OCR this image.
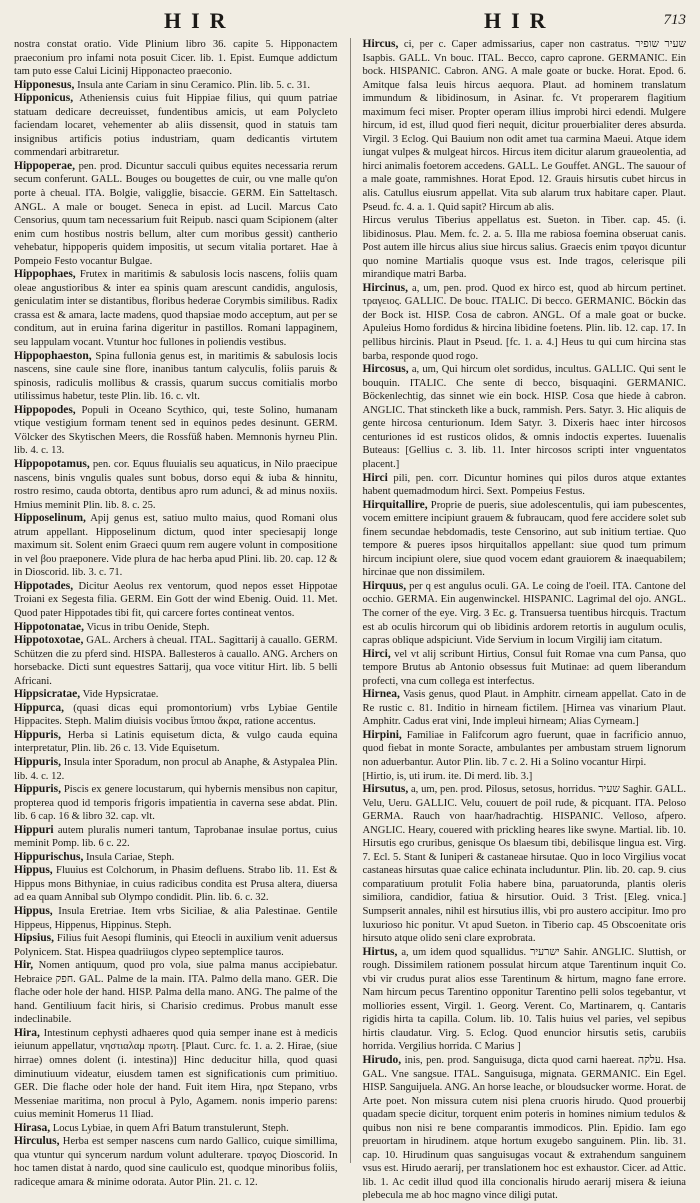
HIR	HIR	713

nostra constat oratio. Vide Plinium libro 36. capite 5. Hipponactem praeconium pro infami nota posuit Cicer. lib. 1. Epist. Eumque addictum tam puto esse Calui Licinij Hipponacteo praeconio.

Hipponesus, Insula ante Cariam in sinu Ceramico. Plin. lib. 5. c. 31.

Hipponicus, Atheniensis cuius fuit Hippiae filius, qui quum patriae statuam dedicare decreuisset, fundentibus amicis, ut eam Polycleto faciendam locaret, vehementer ab aliis dissensit, quod in statuis tam insignibus artificis potius industriam, quam dedicantis virtutem commendari arbitraretur.

Hippoperae, pen. prod. Dicuntur sacculi quibus equites necessaria rerum secum conferunt. GALL. Bouges ou bougettes de cuir, ou vne malle qu'on porte à cheual. ITA. Bolgie, valigglie, bisaccie. GERM. Ein Satteltasch. ANGL. A male or bouget. Seneca in epist. ad Lucil. Marcus Cato Censorius, quum tam necessarium fuit Reipub. nasci quam Scipionem (alter enim cum hostibus nostris bellum, alter cum moribus gessit) cantherio vehebatur, hippoperis quidem impositis, ut secum vitalia portaret. Hae à Pompeio Festo vocantur Bulgae.

Hippophaes, Frutex in maritimis & sabulosis locis nascens, foliis quam oleae angustioribus & inter ea spinis quam arescunt candidis, angulosis, geniculatim inter se distantibus, floribus hederae Corymbis similibus. Radix crassa est & amara, lacte madens, quod thapsiae modo acceptum, aut per se conditum, aut in eruina farina digeritur in pastillos. Romani lappaginem, seu lappulam vocant. Vtuntur hoc fullones in poliendis vestibus.

Hippophaeston, Spina fullonia genus est, in maritimis & sabulosis locis nascens, sine caule sine flore, inanibus tantum calyculis, foliis paruis & spinosis, radiculis mollibus & crassis, quarum succus comitialis morbo utilissimus habetur, teste Plin. lib. 16. c. vlt.

Hippopodes, Populi in Oceano Scythico, qui, teste Solino, humanam vtique vestigium formam tenent sed in equinos pedes desinunt. GERM. Völcker des Skytischen Meers, die Rossfüß haben. Memnonis hyrneu Plin. lib. 4. c. 13.

Hippopotamus, pen. cor. Equus fluuialis seu aquaticus, in Nilo praecipue nascens, binis vngulis quales sunt bobus, dorso equi & iuba & hinnitu, rostro resimo, cauda obtorta, dentibus apro rum adunci, & ad minus noxiis. Hmius meminit Plin. lib. 8. c. 25.

Hipposelinum, Apij genus est, satiuo multo maius, quod Romani olus atrum appellant. Hipposelinum dictum, quod inter speciesapij longe maximum sit. Solent enim Graeci quum rem augere volunt in compositione in vel βου praeponere. Vide plura de hac herba apud Plini. lib. 20. cap. 12 & in Dioscorid. lib. 3. c. 71.

Hippotades, Dicitur Aeolus rex ventorum, quod nepos esset Hippotae Troiani ex Segesta filia. GERM. Ein Gott der wind Ebenig. Ouid. 11. Met. Quod pater Hippotades tibi fit, qui carcere fortes contineat ventos.

Hippotonatae, Vicus in tribu Oenide, Steph.

Hippotoxotae, GAL. Archers à cheual. ITAL. Sagittarij à cauallo. GERM. Schützen die zu pferd sind. HISPA. Ballesteros à cauallo. ANG. Archers on horsebacke. Dicti sunt equestres Sattarij, qua voce vititur Hirt. lib. 5 belli Africani.

Hippsicratae, Vide Hypsicratae.

Hippurca, (quasi dicas equi promontorium) vrbs Lybiae Gentile Hippacites. Steph. Malim diuisis vocibus ἵππου ἄκρα, ratione accentus.

Hippuris, Herba si Latinis equisetum dicta, & vulgo cauda equina interpretatur, Plin. lib. 26 c. 13. Vide Equisetum.

Hippuris, Insula inter Sporadum, non procul ab Anaphe, & Astypalea Plin. lib. 4. c. 12.

Hippuris, Piscis ex genere locustarum, qui hybernis mensibus non capitur, propterea quod id temporis frigoris impatientia in caverna sese abdat. Plin. lib. 6 cap. 16 & libro 32. cap. vlt.

Hippuri autem pluralis numeri tantum, Taprobanae insulae portus, cuius meminit Pomp. lib. 6 c. 22.

Hippurischus, Insula Cariae, Steph.

Hippus, Fluuius est Colchorum, in Phasim defluens. Strabo lib. 11. Est & Hippus mons Bithyniae, in cuius radicibus condita est Prusa altera, diuersa ad ea quam Annibal sub Olympo condidit. Plin. lib. 6. c. 32.

Hippus, Insula Eretriae. Item vrbs Siciliae, & alia Palestinae. Gentile Hippeus, Hippenus, Hippinus. Steph.

Hipsius, Filius fuit Aesopi fluminis, qui Eteocli in auxilium venit aduersus Polynicem. Stat. Hispea quadriiugos clypeo septemplice tauros.

Hir, Nomen antiquum, quod pro vola, siue palma manus accipiebatur. Hebraice חפק. GAL. Palme de la main. ITA. Palmo della mano. GER. Die flache oder hole der hand. HISP. Palma della mano. ANG. The palme of the hand. Gentiliuum facit hiris, si Charisio credimus. Probus manult esse indeclinabile.

Hira, Intestinum cephysti adhaeres quod quia semper inane est à medicis ieiunum appellatur, νηστιαλαμ πρωτη. [Plaut. Curc. fc. 1. a. 2. Hirae, (siue hirrae) omnes dolent (i. intestina)] Hinc deducitur hilla, quod quasi diminutiuum videatur, eiusdem tamen est significationis cum primitiuo. GER. Die flache oder hole der hand. Fuit item Hira, ηρα Stepano, vrbs Messeniae maritima, non procul à Pylo, Agamem. nonis imperio parens: cuius meminit Homerus 11 Iliad.

Hirasa, Locus Lybiae, in quem Afri Batum transtulerunt, Steph.

Hirculus, Herba est semper nascens cum nardo Gallico, cuique simillima, qua vtuntur qui syncerum nardum volunt adulterare. τραγος Dioscorid. In hoc tamen distat à nardo, quod sine cauliculo est, quodque minoribus foliis, radiceque amara & minime odorata. Autor Plin. 21. c. 12.

Hircus, ci, per c. Caper admissarius, caper non castratus. שעיר שופיר Isapbis. GALL. Vn bouc. ITAL. Becco, capro caprone. GERMANIC. Ein bock. HISPANIC. Cabron. ANG. A male goate or bucke. Horat. Epod. 6. Amitque falsa leuis hircus aequora. Plaut. ad hominem translatum immundum & libidinosum, in Asinar. fc. Vt properarem flagitium maximum feci miser. Propter operam illius improbi hirci edendi. Mulgere hircum, id est, illud quod fieri nequit, dicitur prouerbialiter deres absurda. Virgil. 3 Eclog. Qui Bauium non odit amet tua carmina Maeui. Atque idem iungat vulpes & mulgeat hircos. Hircus item dicitur alarum graueolentia, ad hirci animalis foetorem accedens. GALL. Le Gouffet. ANGL. The sauour of a male goate, rammishnes. Horat Epod. 12. Grauis hirsutis cubet hircus in alis. Catullus eiusrum appellat. Vita sub alarum trux habitare caper. Plaut. Pseud. fc. 4. a. 1. Quid sapit? Hircum ab alis.

Hircus verulus Tiberius appellatus est. Sueton. in Tiber. cap. 45. (i. libidinosus. Plau. Mem. fc. 2. a. 5. Illa me rabiosa foemina obseruat canis. Post autem ille hircus alius siue hircus salius. Graecis enim τραγοι dicuntur quo nomine Martialis quoque vsus est. Inde tragos, celerisque pili mirandique matri Barba.

Hircinus, a, um, pen. prod. Quod ex hirco est, quod ab hircum pertinet. τραγειος. GALLIC. De bouc. ITALIC. Di becco. GERMANIC. Böckin das der Bock ist. HISP. Cosa de cabron. ANGL. Of a male goat or bucke. Apuleius Homo fordidus & hircina libidine foetens. Plin. lib. 12. cap. 17. In pellibus hircinis. Plaut in Pseud. [fc. 1. a. 4.] Heus tu qui cum hircina stas barba, responde quod rogo.

Hircosus, a, um, Qui hircum olet sordidus, incultus. GALLIC. Qui sent le bouquin. ITALIC. Che sente di becco, bisquaqini. GERMANIC. Böckenlechtig, das sinnet wie ein bock. HISP. Cosa que hiede à cabron. ANGLIC. That stincketh like a buck, rammish. Pers. Satyr. 3. Hic aliquis de gente hircosa centurionum. Idem Satyr. 3. Dixeris haec inter hircosos centuriones id est rusticos olidos, & omnis indoctis expertes. Iuuenalis Buteaus: [Gellius c. 3. lib. 11. Inter hircosos scripti inter vnguentatos placent.]

Hirci pili, pen. corr. Dicuntur homines qui pilos duros atque extantes habent quemadmodum hirci. Sext. Pompeius Festus.

Hirquitallire, Proprie de pueris, siue adolescentulis, qui iam pubescentes, vocem emittere incipiunt grauem & fubraucam, quod fere accidere solet sub finem secundae hebdomadis, teste Censorino, aut sub initium tertiae. Quo tempore & pueres ipsos hirquitallos appellant: siue quod tum primum hircum incipiunt olere, siue quod vocem edant grauiorem & inaequabilem; hircinae que non dissimilem.

Hirquus, per q est angulus oculi. GA. Le coing de l'oeil. ITA. Cantone del occhio. GERMA. Ein augenwinckel. HISPANIC. Lagrimal del ojo. ANGL. The corner of the eye. Virg. 3 Ec. g. Transuersa tuentibus hircquis. Tractum est ab oculis hircorum qui ob libidinis ardorem retortis in augulum oculis, capras oblique adspiciunt. Vide Servium in locum Virgilij iam citatum.

Hirci, vel vt alij scribunt Hirtius, Consul fuit Romae vna cum Pansa, quo tempore Brutus ab Antonio obsessus fuit Mutinae: ad quem liberandum profecti, vna cum collega est interfectus.

Hirnea, Vasis genus, quod Plaut. in Amphitr. cirneam appellat. Cato in de Re rustic c. 81. Inditio in hirneam fictilem. [Hirnea vas vinarium Plaut. Amphitr. Cadus erat vini, Inde impleui hirneam; Alias Cyrneam.]

Hirpini, Familiae in Falifcorum agro fuerunt, quae in facrificio annuo, quod fiebat in monte Soracte, ambulantes per ambustam struem lignorum non aduerbantur. Autor Plin. lib. 7 c. 2. Hi a Solino vocantur Hirpi.

[Hirtio, is, uti irum. ite. Di merd. lib. 3.]

Hirsutus, a, um, pen. prod. Pilosus, setosus, horridus. שעיר Saghir. GALL. Velu, Ueru. GALLIC. Velu, couuert de poil rude, & picquant. ITA. Peloso GERMA. Rauch von haar/hadrachtig. HISPANIC. Velloso, afpero. ANGLIC. Heary, couered with prickling heares like swyne. Martial. lib. 10. Hirsutis ego cruribus, genisque Os blaesum tibi, debilisque lingua est. Virg. 7. Ecl. 5. Stant & Iuniperi & castaneae hirsutae. Quo in loco Virgilius vocat castaneas hirsutas quae calice echinata includuntur. Plin. lib. 20. cap. 9. cius comparatiuum protulit Folia habere bina, paruatorunda, plantis oleris similiora, candidior, fatiua & hirsutior. Ouid. 3 Trist. [Eleg. vnica.] Sumpserit annales, nihil est hirsutius illis, vbi pro austero accipitur. Imo pro luxurioso hic ponitur. Vt apud Sueton. in Tiberio cap. 45 Obscoenitate oris hirsuto atque olido seni clare exprobrata.

Hirtus, a, um idem quod squallidus. ישרעיר Sahir. ANGLIC. Sluttish, or rough. Dissimilem rationem possulat hircum atque Tarentinum inquit Co. vbi vir crudus purat alios esse Tarentinum & hirtum, magno fane errore. Nam hircum pecus Tarentino opponitur Tarentino pelli solos tegebantur, vt molliories essent, Virgil. 1. Georg. Verent. Co, Martinarem, q. Cantaris rigidis hirta ta capilla. Colum. lib. 10. Talis huius vel paries, vel sepibus hirtis claudatur. Virg. 5. Eclog. Quod enuncior hirsutis setis, carubiis horrida. Vergilius horrida. C Marius ]

Hirudo, inis, pen. prod. Sanguisuga, dicta quod carni haereat. עלקה. Hsa. GAL. Vne sangsue. ITAL. Sanguisuga, mignata. GERMANIC. Ein Egel. HISP. Sanguijuela. ANG. An horse leache, or bloudsucker worme. Horat. de Arte poet. Non missura cutem nisi plena cruoris hirudo. Quod prouerbij quadam specie dicitur, torquent enim poteris in homines nimium tedulos & quibus non nisi re bene comparantis immodicos. Plin. Epidio. Iam ego preuortam in hirudinem. atque hortum exugebo sanguinem. Plin. lib. 31. cap. 10. Hirudinum quas sanguisugas vocaut & extrahendum sanguinem vsus est. Hirudo aerarij, per translationem hoc est exhaustor. Cicer. ad Attic. lib. 1. Ac cedit illud quod illa concionalis hirudo aerarij misera & ieiuna plebecula me ab hoc magno vince diligi putat.
